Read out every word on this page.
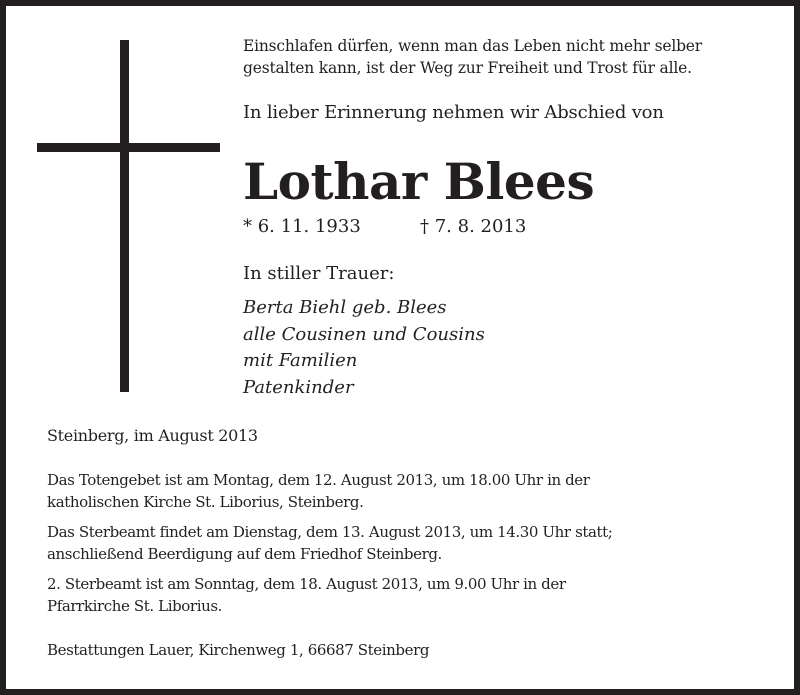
Einschlafen dürfen, wenn man das Leben nicht mehr selber
gestalten kann, ist der Weg zur Freiheit und Trost für alle.
In lieber Erinnerung nehmen wir Abschied von
Lothar Blees
* 6. 11. 1933	† 7. 8. 2013
In stiller Trauer:
Berta Biehl geb. Blees
alle Cousinen und Cousins
mit Familien
Patenkinder
Steinberg, im August 2013
Das Totengebet ist am Montag, dem 12. August 2013, um 18.00 Uhr in der
katholischen Kirche St. Liborius, Steinberg.
Das Sterbeamt findet am Dienstag, dem 13. August 2013, um 14.30 Uhr statt;
anschließend Beerdigung auf dem Friedhof Steinberg.
2. Sterbeamt ist am Sonntag, dem 18. August 2013, um 9.00 Uhr in der
Pfarrkirche St. Liborius.
Bestattungen Lauer, Kirchenweg 1, 66687 Steinberg
